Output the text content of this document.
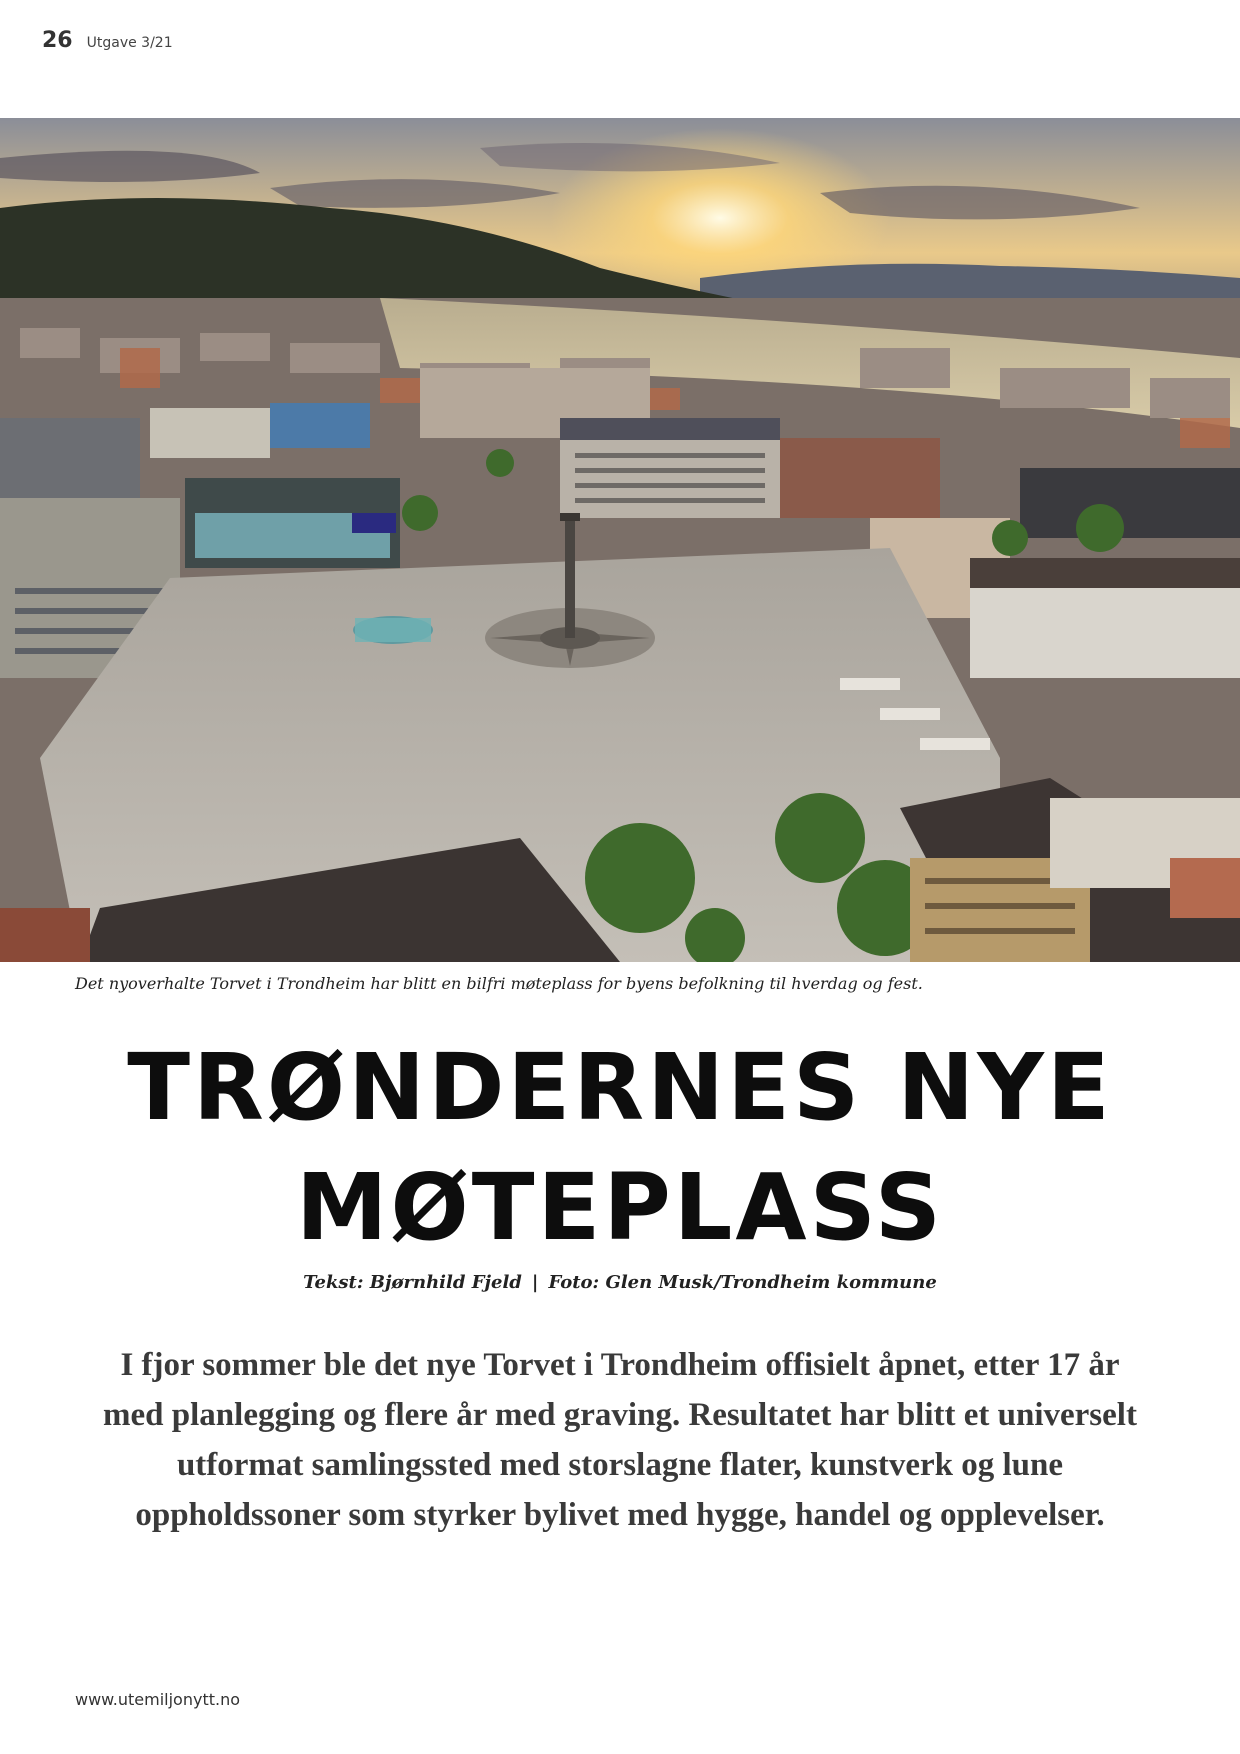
26 Utgave 3/21
Det nyoverhalte Torvet i Trondheim har blitt en bilfri møteplass for byens befolkning til hverdag og fest.
TRØNDERNES NYE
MØTEPLASS
Tekst: Bjørnhild Fjeld | Foto: Glen Musk/Trondheim kommune
I fjor sommer ble det nye Torvet i Trondheim offisielt åpnet, etter 17 år med planlegging og flere år med graving. Resultatet har blitt et universelt utformat samlingssted med storslagne flater, kunstverk og lune oppholdssoner som styrker bylivet med hygge, handel og opplevelser.
www.utemiljonytt.no
